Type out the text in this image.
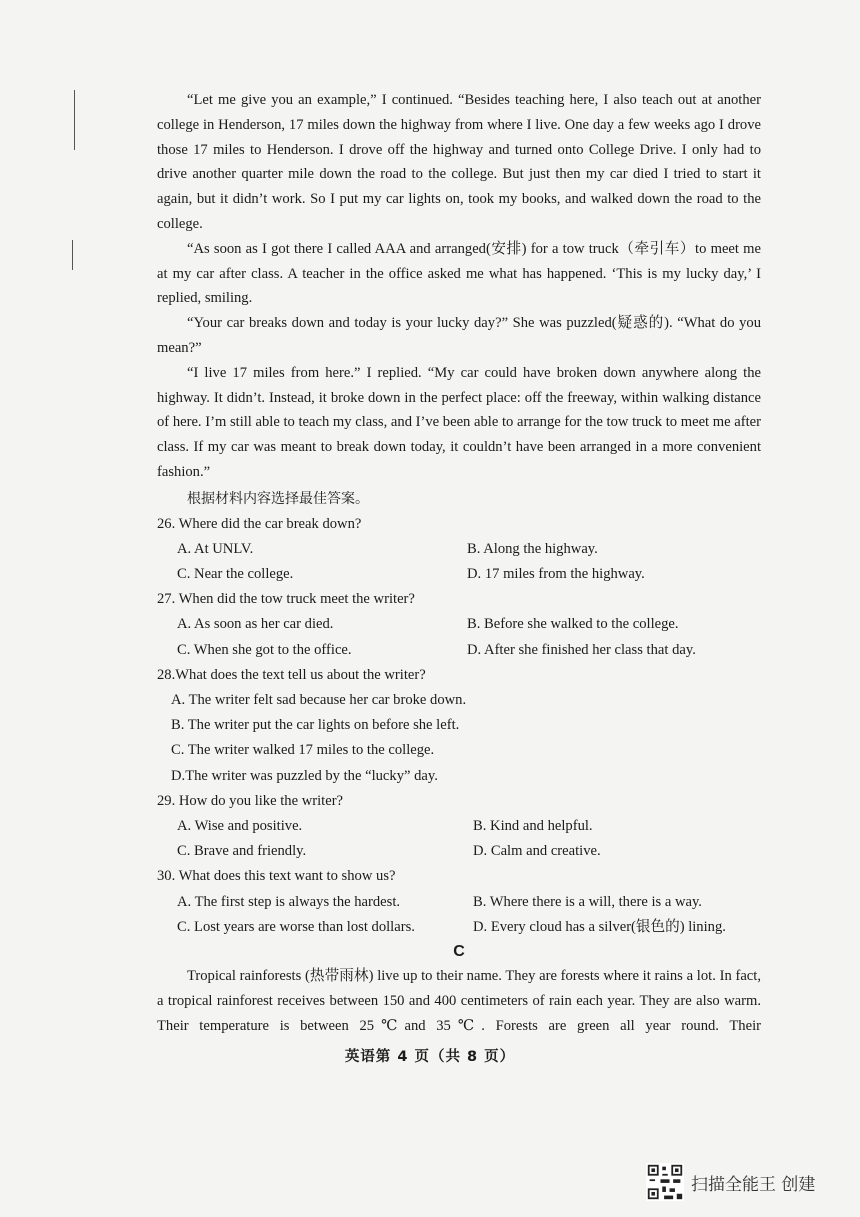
“Let me give you an example,” I continued. “Besides teaching here, I also teach out at another college in Henderson, 17 miles down the highway from where I live. One day a few weeks ago I drove those 17 miles to Henderson. I drove off the highway and turned onto College Drive. I only had to drive another quarter mile down the road to the college. But just then my car died I tried to start it again, but it didn’t work. So I put my car lights on, took my books, and walked down the road to the college.

“As soon as I got there I called AAA and arranged(安排) for a tow truck（牵引车）to meet me at my car after class. A teacher in the office asked me what has happened. ‘This is my lucky day,’ I replied, smiling.

“Your car breaks down and today is your lucky day?” She was puzzled(疑惑的). “What do you mean?”

“I live 17 miles from here.” I replied. “My car could have broken down anywhere along the highway. It didn’t. Instead, it broke down in the perfect place: off the freeway, within walking distance of here. I’m still able to teach my class, and I’ve been able to arrange for the tow truck to meet me after class. If my car was meant to break down today, it couldn’t have been arranged in a more convenient fashion.”

根据材料内容选择最佳答案。
26. Where did the car break down?
A. At UNLV.	B. Along the highway.
C. Near the college.	D. 17 miles from the highway.
27. When did the tow truck meet the writer?
A. As soon as her car died.	B. Before she walked to the college.
C. When she got to the office.	D. After she finished her class that day.
28.What does the text tell us about the writer?
A. The writer felt sad because her car broke down.
B. The writer put the car lights on before she left.
C. The writer walked 17 miles to the college.
D.The writer was puzzled by the “lucky” day.
29. How do you like the writer?
A. Wise and positive.	B. Kind and helpful.
C. Brave and friendly.	D. Calm and creative.
30. What does this text want to show us?
A. The first step is always the hardest.	B. Where there is a will, there is a way.
C. Lost years are worse than lost dollars.	D. Every cloud has a silver(银色的) lining.
C

Tropical rainforests (热带雨林) live up to their name. They are forests where it rains a lot. In fact, a tropical rainforest receives between 150 and 400 centimeters of rain each year. They are also warm. Their temperature is between 25℃and 35℃. Forests are green all year round. Their

英语第 4 页（共 8 页）
扫描全能王 创建
